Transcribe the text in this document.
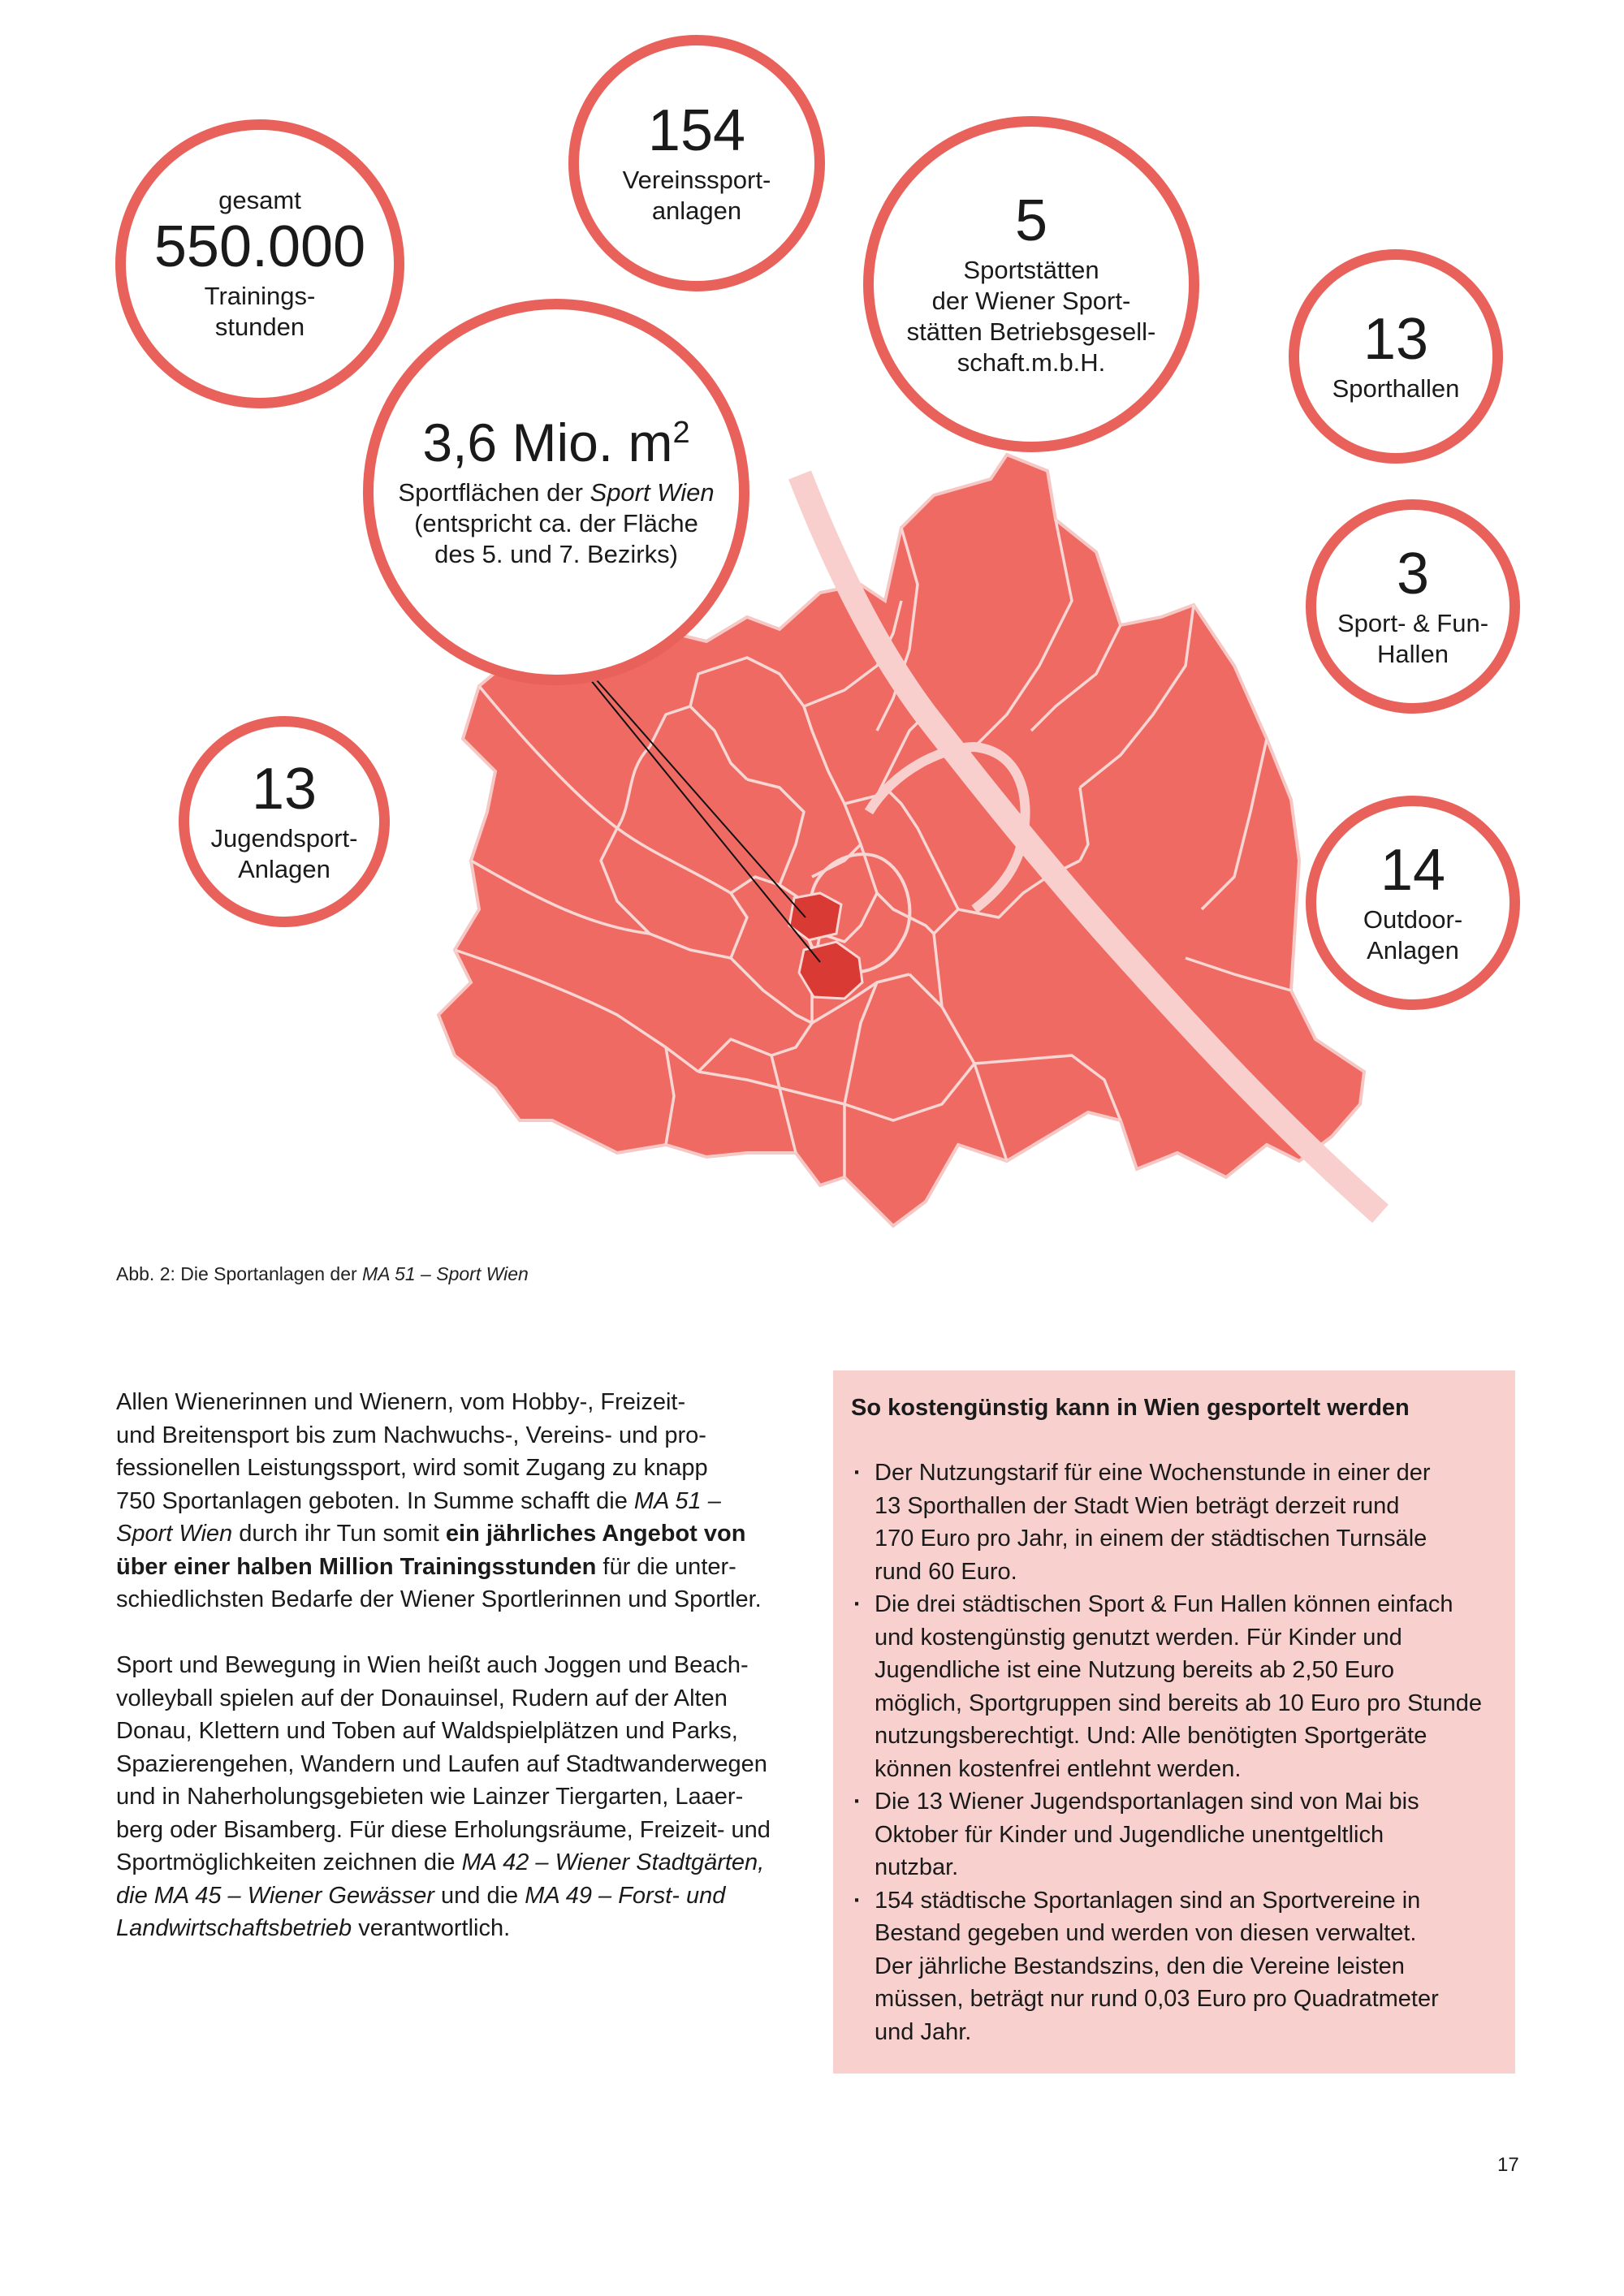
gesamt
550.000
Trainings-
stunden
154
Vereinssport-
anlagen	5
Sportstätten
der Wiener Sport-
stätten Betriebsgesell-
schaft.m.b.H.	13
Sporthallen
3,6 Mio. $m^2$
Sportflächen der Sport Wien
(entspricht ca. der Fläche
des 5. und 7. Bezirks)	3
Sport- & Fun-
Hallen
13
Jugendsport-
Anlagen	14
Outdoor-
Anlagen
Abb. 2: Die Sportanlagen der MA 51 – Sport Wien

Allen Wienerinnen und Wienern, vom Hobby-, Freizeit-
und Breitensport bis zum Nachwuchs-, Vereins- und pro-
fessionellen Leistungssport, wird somit Zugang zu knapp
750 Sportanlagen geboten. In Summe schafft die MA 51 –
Sport Wien durch ihr Tun somit ein jährliches Angebot von
über einer halben Million Trainingsstunden für die unter-
schiedlichsten Bedarfe der Wiener Sportlerinnen und Sportler.

Sport und Bewegung in Wien heißt auch Joggen und Beach-
volleyball spielen auf der Donauinsel, Rudern auf der Alten
Donau, Klettern und Toben auf Waldspielplätzen und Parks,
Spazierengehen, Wandern und Laufen auf Stadtwanderwegen
und in Naherholungsgebieten wie Lainzer Tiergarten, Laaer-
berg oder Bisamberg. Für diese Erholungsräume, Freizeit- und
Sportmöglichkeiten zeichnen die MA 42 – Wiener Stadtgärten,
die MA 45 – Wiener Gewässer und die MA 49 – Forst- und
Landwirtschaftsbetrieb verantwortlich.

So kostengünstig kann in Wien gesportelt werden
· Der Nutzungstarif für eine Wochenstunde in einer der
13 Sporthallen der Stadt Wien beträgt derzeit rund
170 Euro pro Jahr, in einem der städtischen Turnsäle
rund 60 Euro.
· Die drei städtischen Sport & Fun Hallen können einfach
und kostengünstig genutzt werden. Für Kinder und
Jugendliche ist eine Nutzung bereits ab 2,50 Euro
möglich, Sportgruppen sind bereits ab 10 Euro pro Stunde
nutzungsberechtigt. Und: Alle benötigten Sportgeräte
können kostenfrei entlehnt werden.
· Die 13 Wiener Jugendsportanlagen sind von Mai bis
Oktober für Kinder und Jugendliche unentgeltlich
nutzbar.
· 154 städtische Sportanlagen sind an Sportvereine in
Bestand gegeben und werden von diesen verwaltet.
Der jährliche Bestandszins, den die Vereine leisten
müssen, beträgt nur rund 0,03 Euro pro Quadratmeter
und Jahr.
17
